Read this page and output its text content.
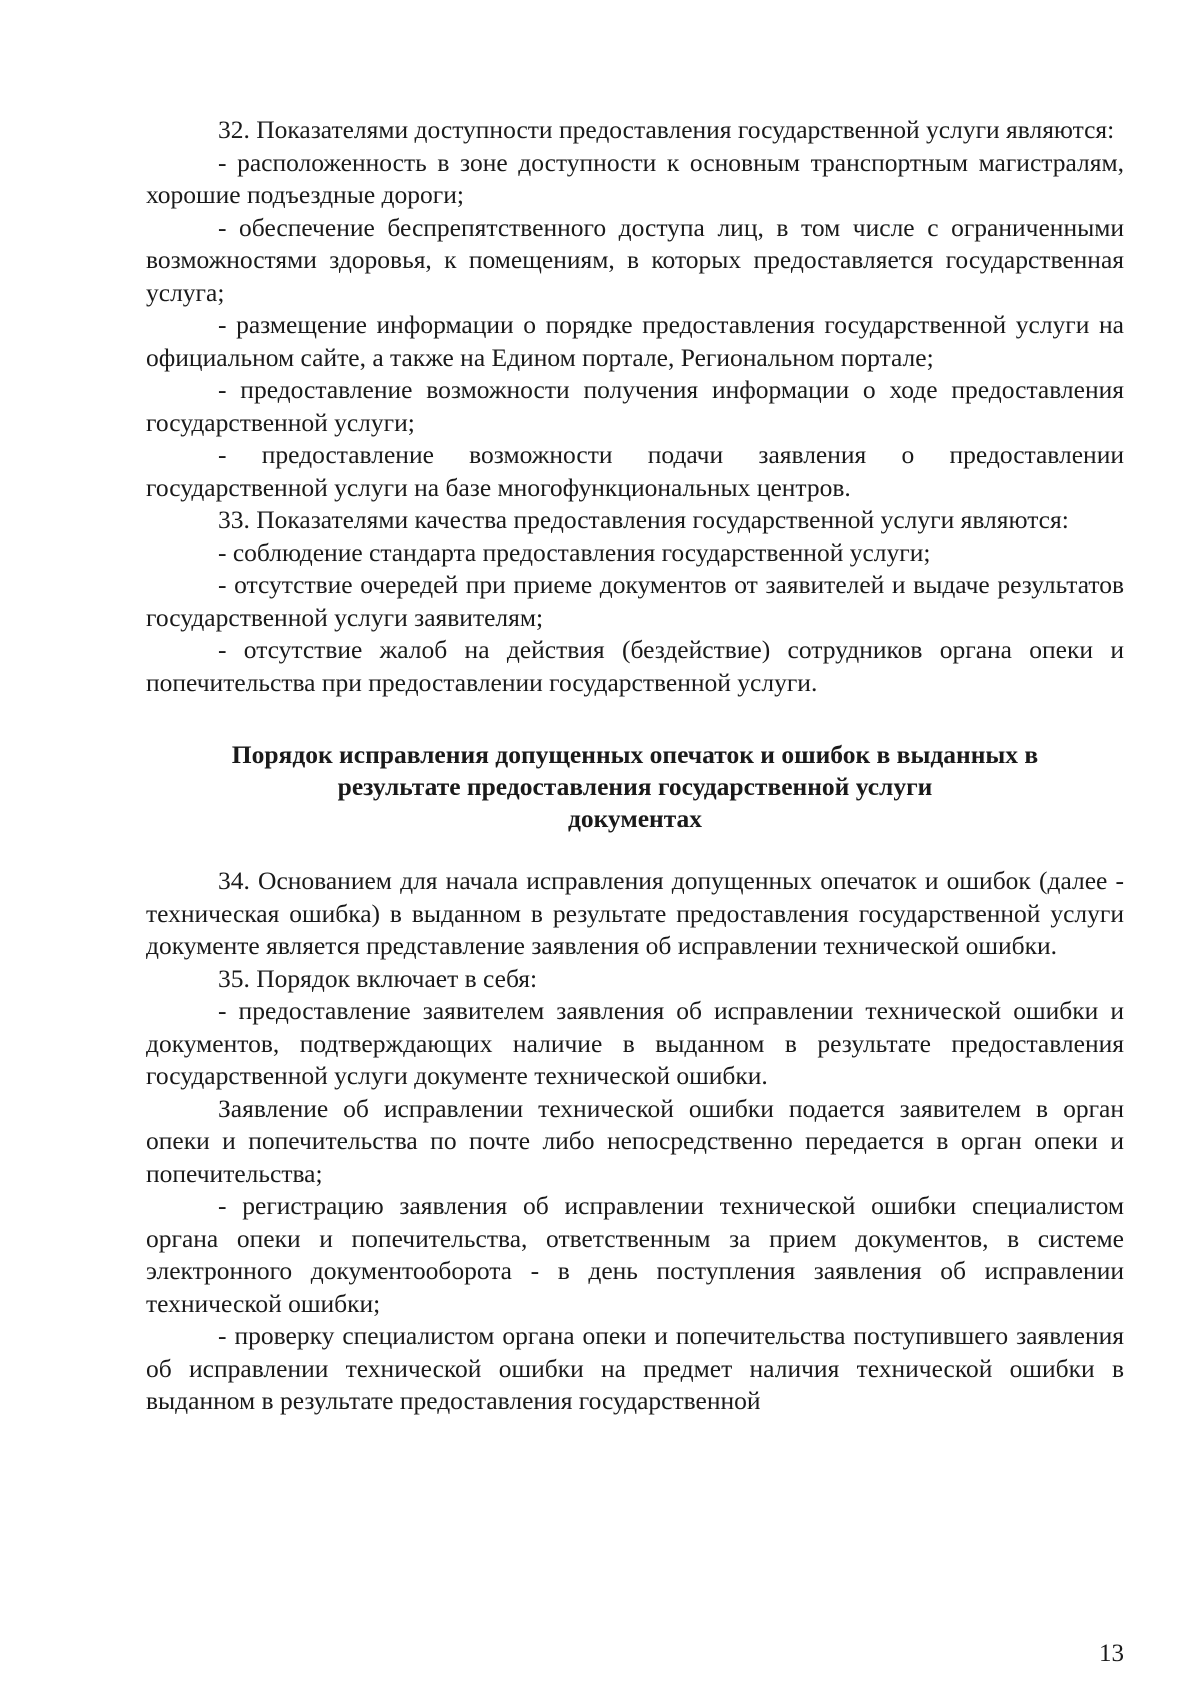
32. Показателями доступности предоставления государственной услуги являются:

- расположенность в зоне доступности к основным транспортным магистралям, хорошие подъездные дороги;

- обеспечение беспрепятственного доступа лиц, в том числе с ограниченными возможностями здоровья, к помещениям, в которых предоставляется государственная услуга;

- размещение информации о порядке предоставления государственной услуги на официальном сайте, а также на Едином портале, Региональном портале;

- предоставление возможности получения информации о ходе предоставления государственной услуги;

- предоставление возможности подачи заявления о предоставлении государственной услуги на базе многофункциональных центров.

33. Показателями качества предоставления государственной услуги являются:

- соблюдение стандарта предоставления государственной услуги;

- отсутствие очередей при приеме документов от заявителей и выдаче результатов государственной услуги заявителям;

- отсутствие жалоб на действия (бездействие) сотрудников органа опеки и попечительства при предоставлении государственной услуги.

Порядок исправления допущенных опечаток и ошибок в выданных в
результате предоставления государственной услуги
документах

34. Основанием для начала исправления допущенных опечаток и ошибок (далее - техническая ошибка) в выданном в результате предоставления государственной услуги документе является представление заявления об исправлении технической ошибки.

35. Порядок включает в себя:

- предоставление заявителем заявления об исправлении технической ошибки и документов, подтверждающих наличие в выданном в результате предоставления государственной услуги документе технической ошибки.

Заявление об исправлении технической ошибки подается заявителем в орган опеки и попечительства по почте либо непосредственно передается в орган опеки и попечительства;

- регистрацию заявления об исправлении технической ошибки специалистом органа опеки и попечительства, ответственным за прием документов, в системе электронного документооборота - в день поступления заявления об исправлении технической ошибки;

- проверку специалистом органа опеки и попечительства поступившего заявления об исправлении технической ошибки на предмет наличия технической ошибки в выданном в результате предоставления государственной

13
